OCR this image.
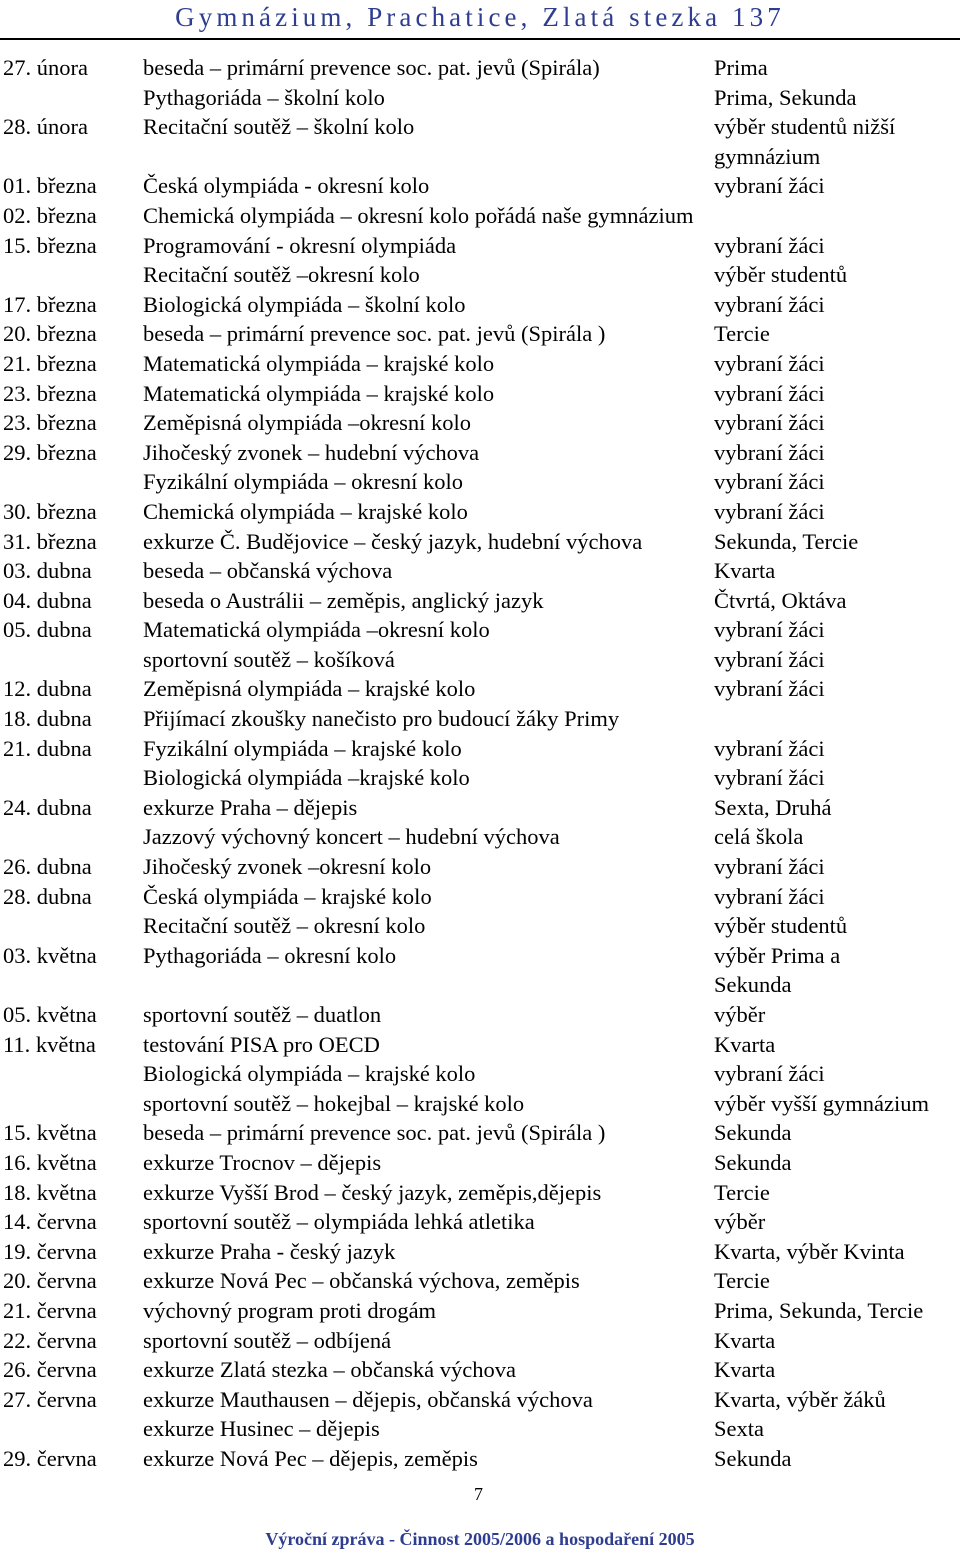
Gymnázium, Prachatice, Zlatá stezka 137
27. února beseda – primární prevence soc. pat. jevů (Spirála)	Prima
Pythagoriáda – školní kolo	Prima, Sekunda
28. února Recitační soutěž – školní kolo	výběr studentů nižší
gymnázium
01. března Česká olympiáda - okresní kolo	vybraní žáci
02. března Chemická olympiáda – okresní kolo pořádá naše gymnázium
15. března Programování - okresní olympiáda	vybraní žáci
Recitační soutěž –okresní kolo	výběr studentů
17. března Biologická olympiáda – školní kolo	vybraní žáci
20. března beseda – primární prevence soc. pat. jevů (Spirála )	Tercie
21. března Matematická olympiáda – krajské kolo	vybraní žáci
23. března Matematická olympiáda – krajské kolo	vybraní žáci
23. března Zeměpisná olympiáda –okresní kolo	vybraní žáci
29. března Jihočeský zvonek – hudební výchova	vybraní žáci
Fyzikální olympiáda – okresní kolo	vybraní žáci
30. března Chemická olympiáda – krajské kolo	vybraní žáci
31. března exkurze Č. Budějovice – český jazyk, hudební výchova	Sekunda, Tercie
03. dubna beseda – občanská výchova	Kvarta
04. dubna beseda o Austrálii – zeměpis, anglický jazyk	Čtvrtá, Oktáva
05. dubna Matematická olympiáda –okresní kolo	vybraní žáci
sportovní soutěž – košíková	vybraní žáci
12. dubna Zeměpisná olympiáda – krajské kolo	vybraní žáci
18. dubna Přijímací zkoušky nanečisto pro budoucí žáky Primy
21. dubna Fyzikální olympiáda – krajské kolo	vybraní žáci
Biologická olympiáda –krajské kolo	vybraní žáci
24. dubna exkurze Praha – dějepis	Sexta, Druhá
Jazzový výchovný koncert – hudební výchova	celá škola
26. dubna Jihočeský zvonek –okresní kolo	vybraní žáci
28. dubna Česká olympiáda – krajské kolo	vybraní žáci
Recitační soutěž – okresní kolo	výběr studentů
03. května Pythagoriáda – okresní kolo	výběr Prima a
Sekunda
05. května sportovní soutěž – duatlon	výběr
11. května testování PISA pro OECD	Kvarta
Biologická olympiáda – krajské kolo	vybraní žáci
sportovní soutěž – hokejbal – krajské kolo	výběr vyšší gymnázium
15. května beseda – primární prevence soc. pat. jevů (Spirála )	Sekunda
16. května exkurze Trocnov – dějepis	Sekunda
18. května exkurze Vyšší Brod – český jazyk, zeměpis,dějepis	Tercie
14. června sportovní soutěž – olympiáda lehká atletika	výběr
19. června exkurze Praha - český jazyk	Kvarta, výběr Kvinta
20. června exkurze Nová Pec – občanská výchova, zeměpis	Tercie
21. června výchovný program proti drogám	Prima, Sekunda, Tercie
22. června sportovní soutěž – odbíjená	Kvarta
26. června exkurze Zlatá stezka – občanská výchova	Kvarta
27. června exkurze Mauthausen – dějepis, občanská výchova	Kvarta, výběr žáků
exkurze Husinec – dějepis	Sexta
29. června exkurze Nová Pec – dějepis, zeměpis	Sekunda
7
Výroční zpráva - Činnost 2005/2006 a hospodaření 2005
